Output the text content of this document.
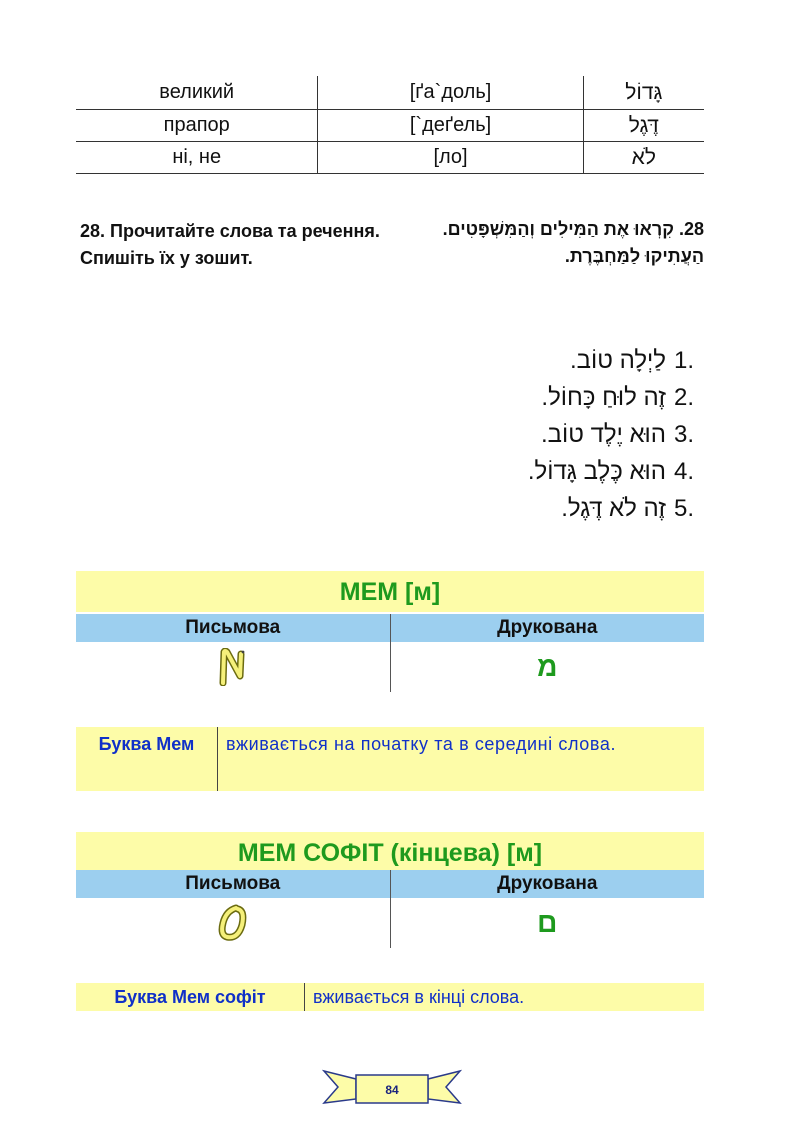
великий	[ґа`доль]	גָּדוֹל
прапор	[`деґель]	דֶּגֶל
ні, не	[ло]	לֹא
28. Прочитайте слова та речення. Спишіть їх у зошит.
28. קִרְאוּ אֶת הַמִּילִים וְהַמִּשְׁפָּטִים. הַעֲתִיקוּ לַמַּחְבֶּרֶת.
1.לַיְלָה טוֹב.
2.זֶה לוּחַ כָּחוֹל.
3.הוּא יֶלֶד טוֹב.
4.הוּא כֶּלֶב גָּדוֹל.
5.זֶה לֹא דֶּגֶל.
МЕМ [м]
Письмова	Друкована
מ
Буква Мем	вживається на початку та в середині слова.
МЕМ СОФІТ (кінцева) [м]
Письмова	Друкована
ם
Буква Мем софіт	вживається в кінці слова.
84
